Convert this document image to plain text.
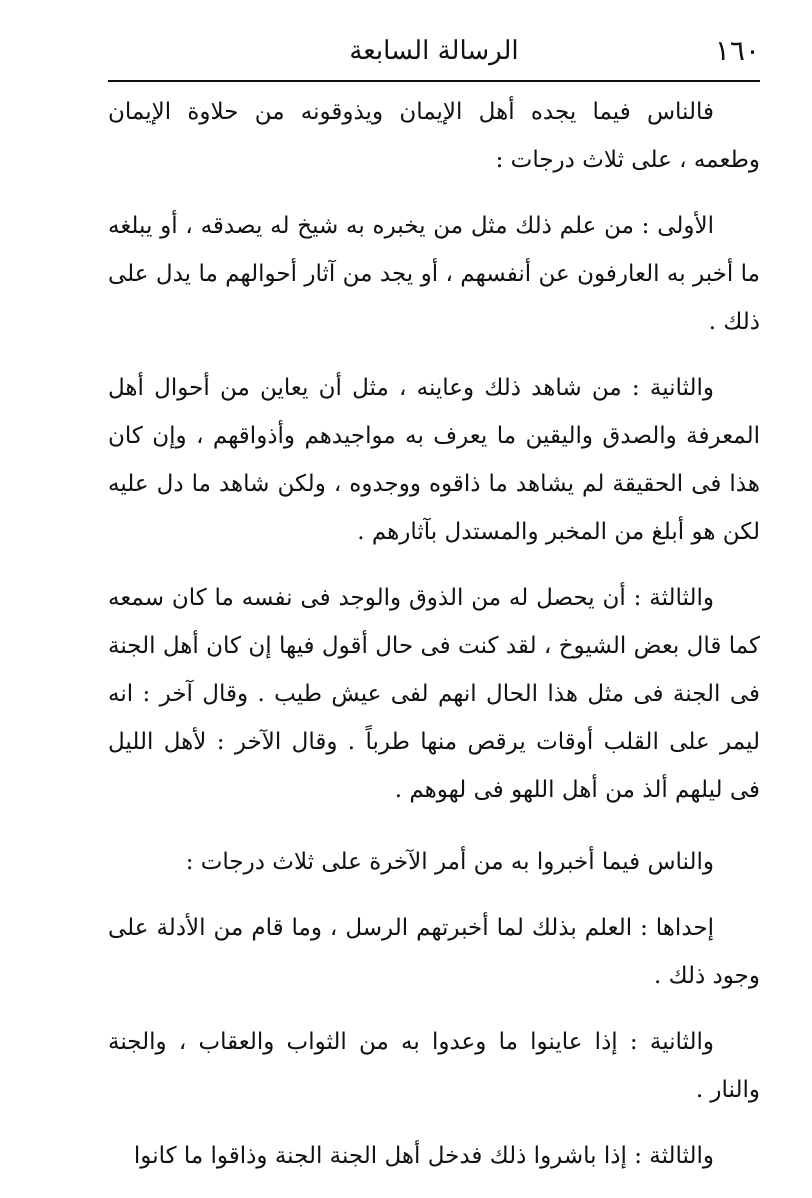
١٦٠
الرسالة السابعة

فالناس فيما يجده أهل الإيمان ويذوقونه من حلاوة الإيمان وطعمه ، على ثلاث درجات :

الأولى : من علم ذلك مثل من يخبره به شيخ له يصدقه ، أو يبلغه ما أخبر به العارفون عن أنفسهم ، أو يجد من آثار أحوالهم ما يدل على ذلك .

والثانية : من شاهد ذلك وعاينه ، مثل أن يعاين من أحوال أهل المعرفة والصدق واليقين ما يعرف به مواجيدهم وأذواقهم ، وإن كان هذا فى الحقيقة لم يشاهد ما ذاقوه ووجدوه ، ولكن شاهد ما دل عليه لكن هو أبلغ من المخبر والمستدل بآثارهم .

والثالثة : أن يحصل له من الذوق والوجد فى نفسه ما كان سمعه كما قال بعض الشيوخ ، لقد كنت فى حال أقول فيها إن كان أهل الجنة فى الجنة فى مثل هذا الحال انهم لفى عيش طيب . وقال آخر : انه ليمر على القلب أوقات يرقص منها طرباً . وقال الآخر : لأهل الليل فى ليلهم ألذ من أهل اللهو فى لهوهم .

والناس فيما أخبروا به من أمر الآخرة على ثلاث درجات :

إحداها : العلم بذلك لما أخبرتهم الرسل ، وما قام من الأدلة على وجود ذلك .

والثانية : إذا عاينوا ما وعدوا به من الثواب والعقاب ، والجنة والنار .

والثالثة : إذا باشروا ذلك فدخل أهل الجنة الجنة وذاقوا ما كانوا
